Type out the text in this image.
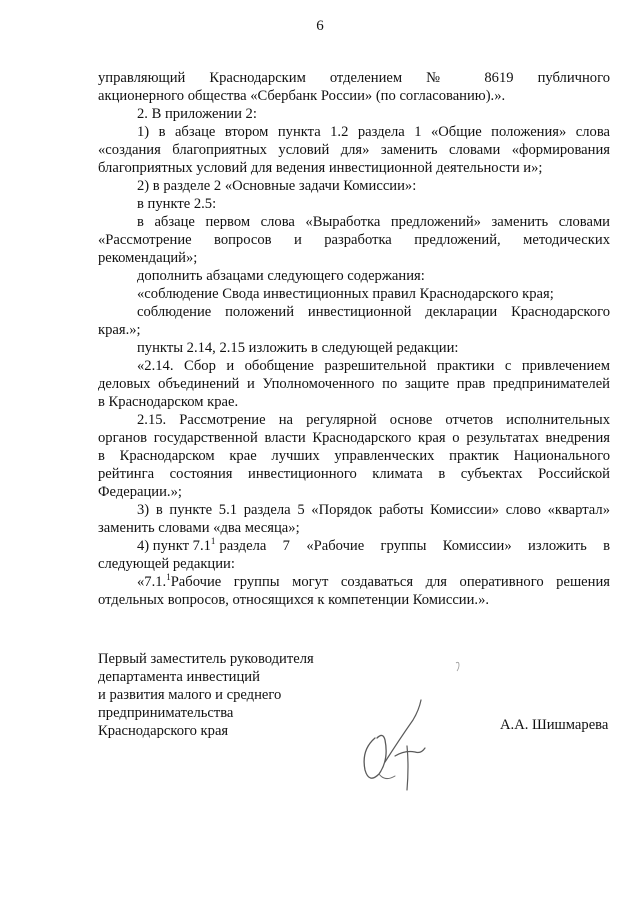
6
управляющий Краснодарским отделением № 8619 публичного
акционерного общества «Сбербанк России» (по согласованию).».
2. В приложении 2:
1) в абзаце втором пункта 1.2 раздела 1 «Общие положения» слова
«создания благоприятных условий для» заменить словами «формирования
благоприятных условий для ведения инвестиционной деятельности и»;
2) в разделе 2 «Основные задачи Комиссии»:
в пункте 2.5:
в абзаце первом слова «Выработка предложений» заменить словами
«Рассмотрение вопросов и разработка предложений, методических
рекомендаций»;
дополнить абзацами следующего содержания:
«соблюдение Свода инвестиционных правил Краснодарского края;
соблюдение положений инвестиционной декларации Краснодарского
края.»;
пункты 2.14, 2.15 изложить в следующей редакции:
«2.14. Сбор и обобщение разрешительной практики с привлечением
деловых объединений и Уполномоченного по защите прав предпринимателей
в Краснодарском крае.
2.15. Рассмотрение на регулярной основе отчетов исполнительных
органов государственной власти Краснодарского края о результатах внедрения
в Краснодарском крае лучших управленческих практик Национального
рейтинга состояния инвестиционного климата в субъектах Российской
Федерации.»;
3) в пункте 5.1 раздела 5 «Порядок работы Комиссии» слово «квартал»
заменить словами «два месяца»;
4) пункт $7.1^1$ раздела 7 «Рабочие группы Комиссии» изложить в
следующей редакции:
«7.1.$^1$ Рабочие группы могут создаваться для оперативного решения
отдельных вопросов, относящихся к компетенции Комиссии.».
Первый заместитель руководителя
департамента инвестиций
и развития малого и среднего
предпринимательства
Краснодарского края	А.А. Шишмарева
